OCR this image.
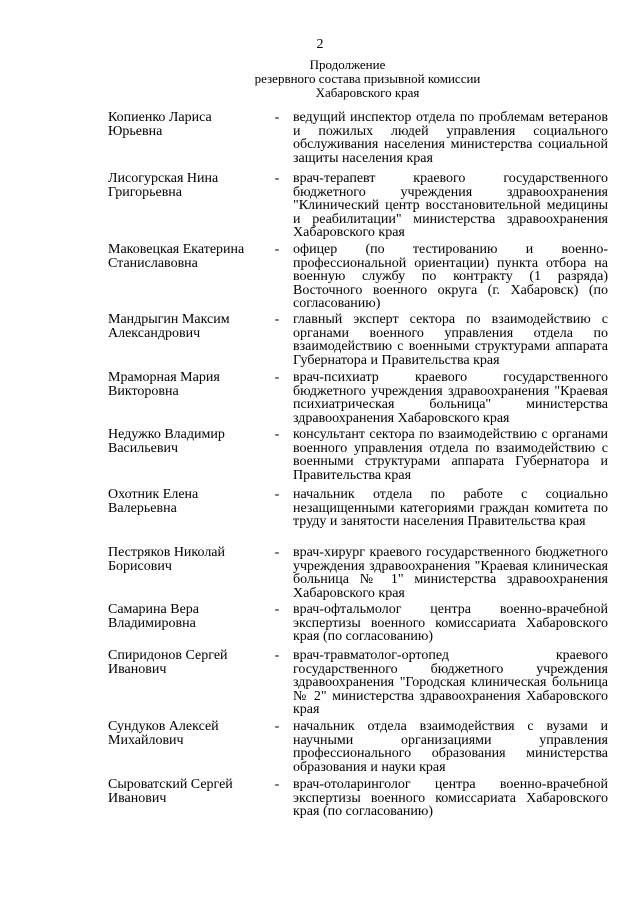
2
Продолжение
резервного состава призывной комиссии
Хабаровского края
Копиенко Лариса
Юрьевна
- ведущий инспектор отдела по проблемам ветеранов и пожилых людей управления социального обслуживания населения министерства социальной защиты населения края
Лисогурская Нина
Григорьевна
- врач-терапевт краевого государственного бюджетного учреждения здравоохранения "Клинический центр восстановительной медицины и реабилитации" министерства здравоохранения Хабаровского края
Маковецкая Екатерина
Станиславовна
- офицер (по тестированию и военно-профессиональной ориентации) пункта отбора на военную службу по контракту (1 разряда) Восточного военного округа (г. Хабаровск) (по согласованию)
Мандрыгин Максим
Александрович
- главный эксперт сектора по взаимодействию с органами военного управления отдела по взаимодействию с военными структурами аппарата Губернатора и Правительства края
Мраморная Мария
Викторовна
- врач-психиатр краевого государственного бюджетного учреждения здравоохранения "Краевая психиатрическая больница" министерства здравоохранения Хабаровского края
Недужко Владимир
Васильевич
- консультант сектора по взаимодействию с органами военного управления отдела по взаимодействию с военными структурами аппарата Губернатора и Правительства края
Охотник Елена
Валерьевна
- начальник отдела по работе с социально незащищенными категориями граждан комитета по труду и занятости населения Правительства края
Пестряков Николай
Борисович
- врач-хирург краевого государственного бюджетного учреждения здравоохранения "Краевая клиническая больница № 1" министерства здравоохранения Хабаровского края
Самарина Вера
Владимировна
- врач-офтальмолог центра военно-врачебной экспертизы военного комиссариата Хабаровского края (по согласованию)
Спиридонов Сергей
Иванович
- врач-травматолог-ортопед краевого государственного бюджетного учреждения здравоохранения "Городская клиническая больница № 2" министерства здравоохранения Хабаровского края
Сундуков Алексей
Михайлович
- начальник отдела взаимодействия с вузами и научными организациями управления профессионального образования министерства образования и науки края
Сыроватский Сергей
Иванович
- врач-отоларинголог центра военно-врачебной экспертизы военного комиссариата Хабаровского края (по согласованию)
